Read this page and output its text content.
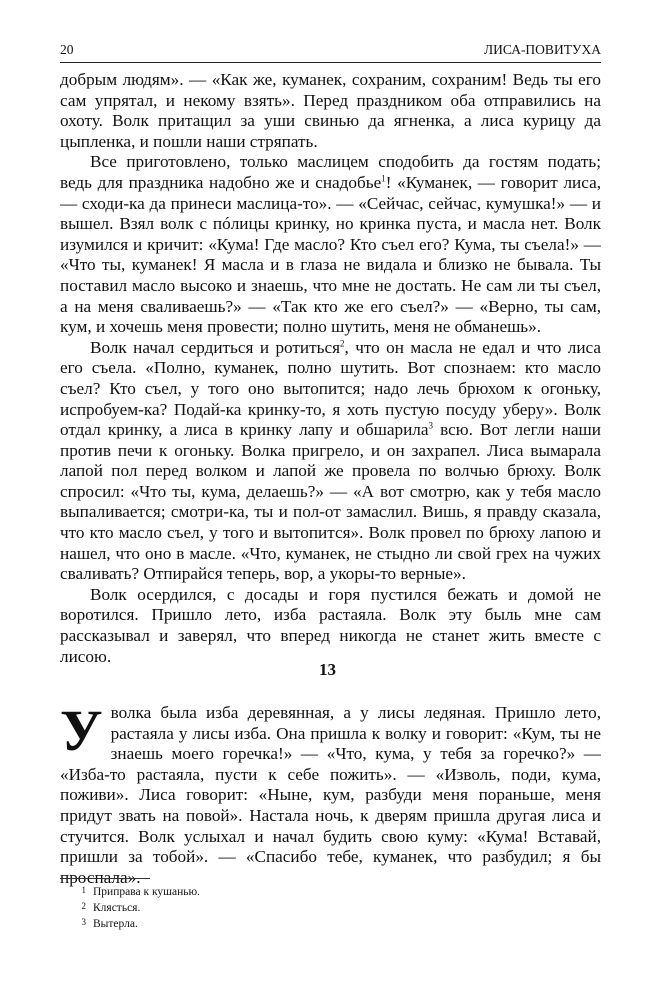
20	ЛИСА-ПОВИТУХА

добрым людям». — «Как же, куманек, сохраним, сохраним! Ведь ты его сам упрятал, и некому взять». Перед праздником оба отправились на охоту. Волк притащил за уши свинью да ягненка, а лиса курицу да цыпленка, и пошли наши стряпать.

Все приготовлено, только маслицем сподобить да гостям подать; ведь для праздника надобно же и снадобье$^1$! «Куманек, — говорит лиса, — сходи-ка да принеси маслица-то». — «Сейчас, сейчас, кумушка!» — и вышел. Взял волк с пóлицы кринку, но кринка пуста, и масла нет. Волк изумился и кричит: «Кума! Где масло? Кто съел его? Кума, ты съела!» — «Что ты, куманек! Я масла и в глаза не видала и близко не бывала. Ты поставил масло высоко и знаешь, что мне не достать. Не сам ли ты съел, а на меня сваливаешь?» — «Так кто же его съел?» — «Верно, ты сам, кум, и хочешь меня провести; полно шутить, меня не обманешь».

Волк начал сердиться и ротиться$^2$, что он масла не едал и что лиса его съела. «Полно, куманек, полно шутить. Вот спознаем: кто масло съел? Кто съел, у того оно вытопится; надо лечь брюхом к огоньку, испробуем-ка? Подай-ка кринку-то, я хоть пустую посуду уберу». Волк отдал кринку, а лиса в кринку лапу и обшарила$^3$ всю. Вот легли наши против печи к огоньку. Волка пригрело, и он захрапел. Лиса вымарала лапой пол перед волком и лапой же провела по волчью брюху. Волк спросил: «Что ты, кума, делаешь?» — «А вот смотрю, как у тебя масло выпаливается; смотри-ка, ты и пол-от замаслил. Вишь, я правду сказала, что кто масло съел, у того и вытопится». Волк провел по брюху лапою и нашел, что оно в масле. «Что, куманек, не стыдно ли свой грех на чужих сваливать? Отпирайся теперь, вор, а укоры-то верные».

Волк осердился, с досады и горя пустился бежать и домой не воротился. Пришло лето, изба растаяла. Волк эту быль мне сам рассказывал и заверял, что вперед никогда не станет жить вместе с лисою.

13

Уволка была изба деревянная, а у лисы ледяная. Пришло лето, растаяла у лисы изба. Она пришла к волку и говорит: «Кум, ты не знаешь моего горечка!» — «Что, кума, у тебя за горечко?» — «Изба-то растаяла, пусти к себе пожить». — «Изволь, поди, кума, поживи». Лиса говорит: «Ныне, кум, разбуди меня пораньше, меня придут звать на повой». Настала ночь, к дверям пришла другая лиса и стучится. Волк услыхал и начал будить свою куму: «Кума! Вставай, пришли за тобой». — «Спасибо тебе, куманек, что разбудил; я бы проспала».

1 Приправа к кушанью.
2 Клясться.
3 Вытерла.
